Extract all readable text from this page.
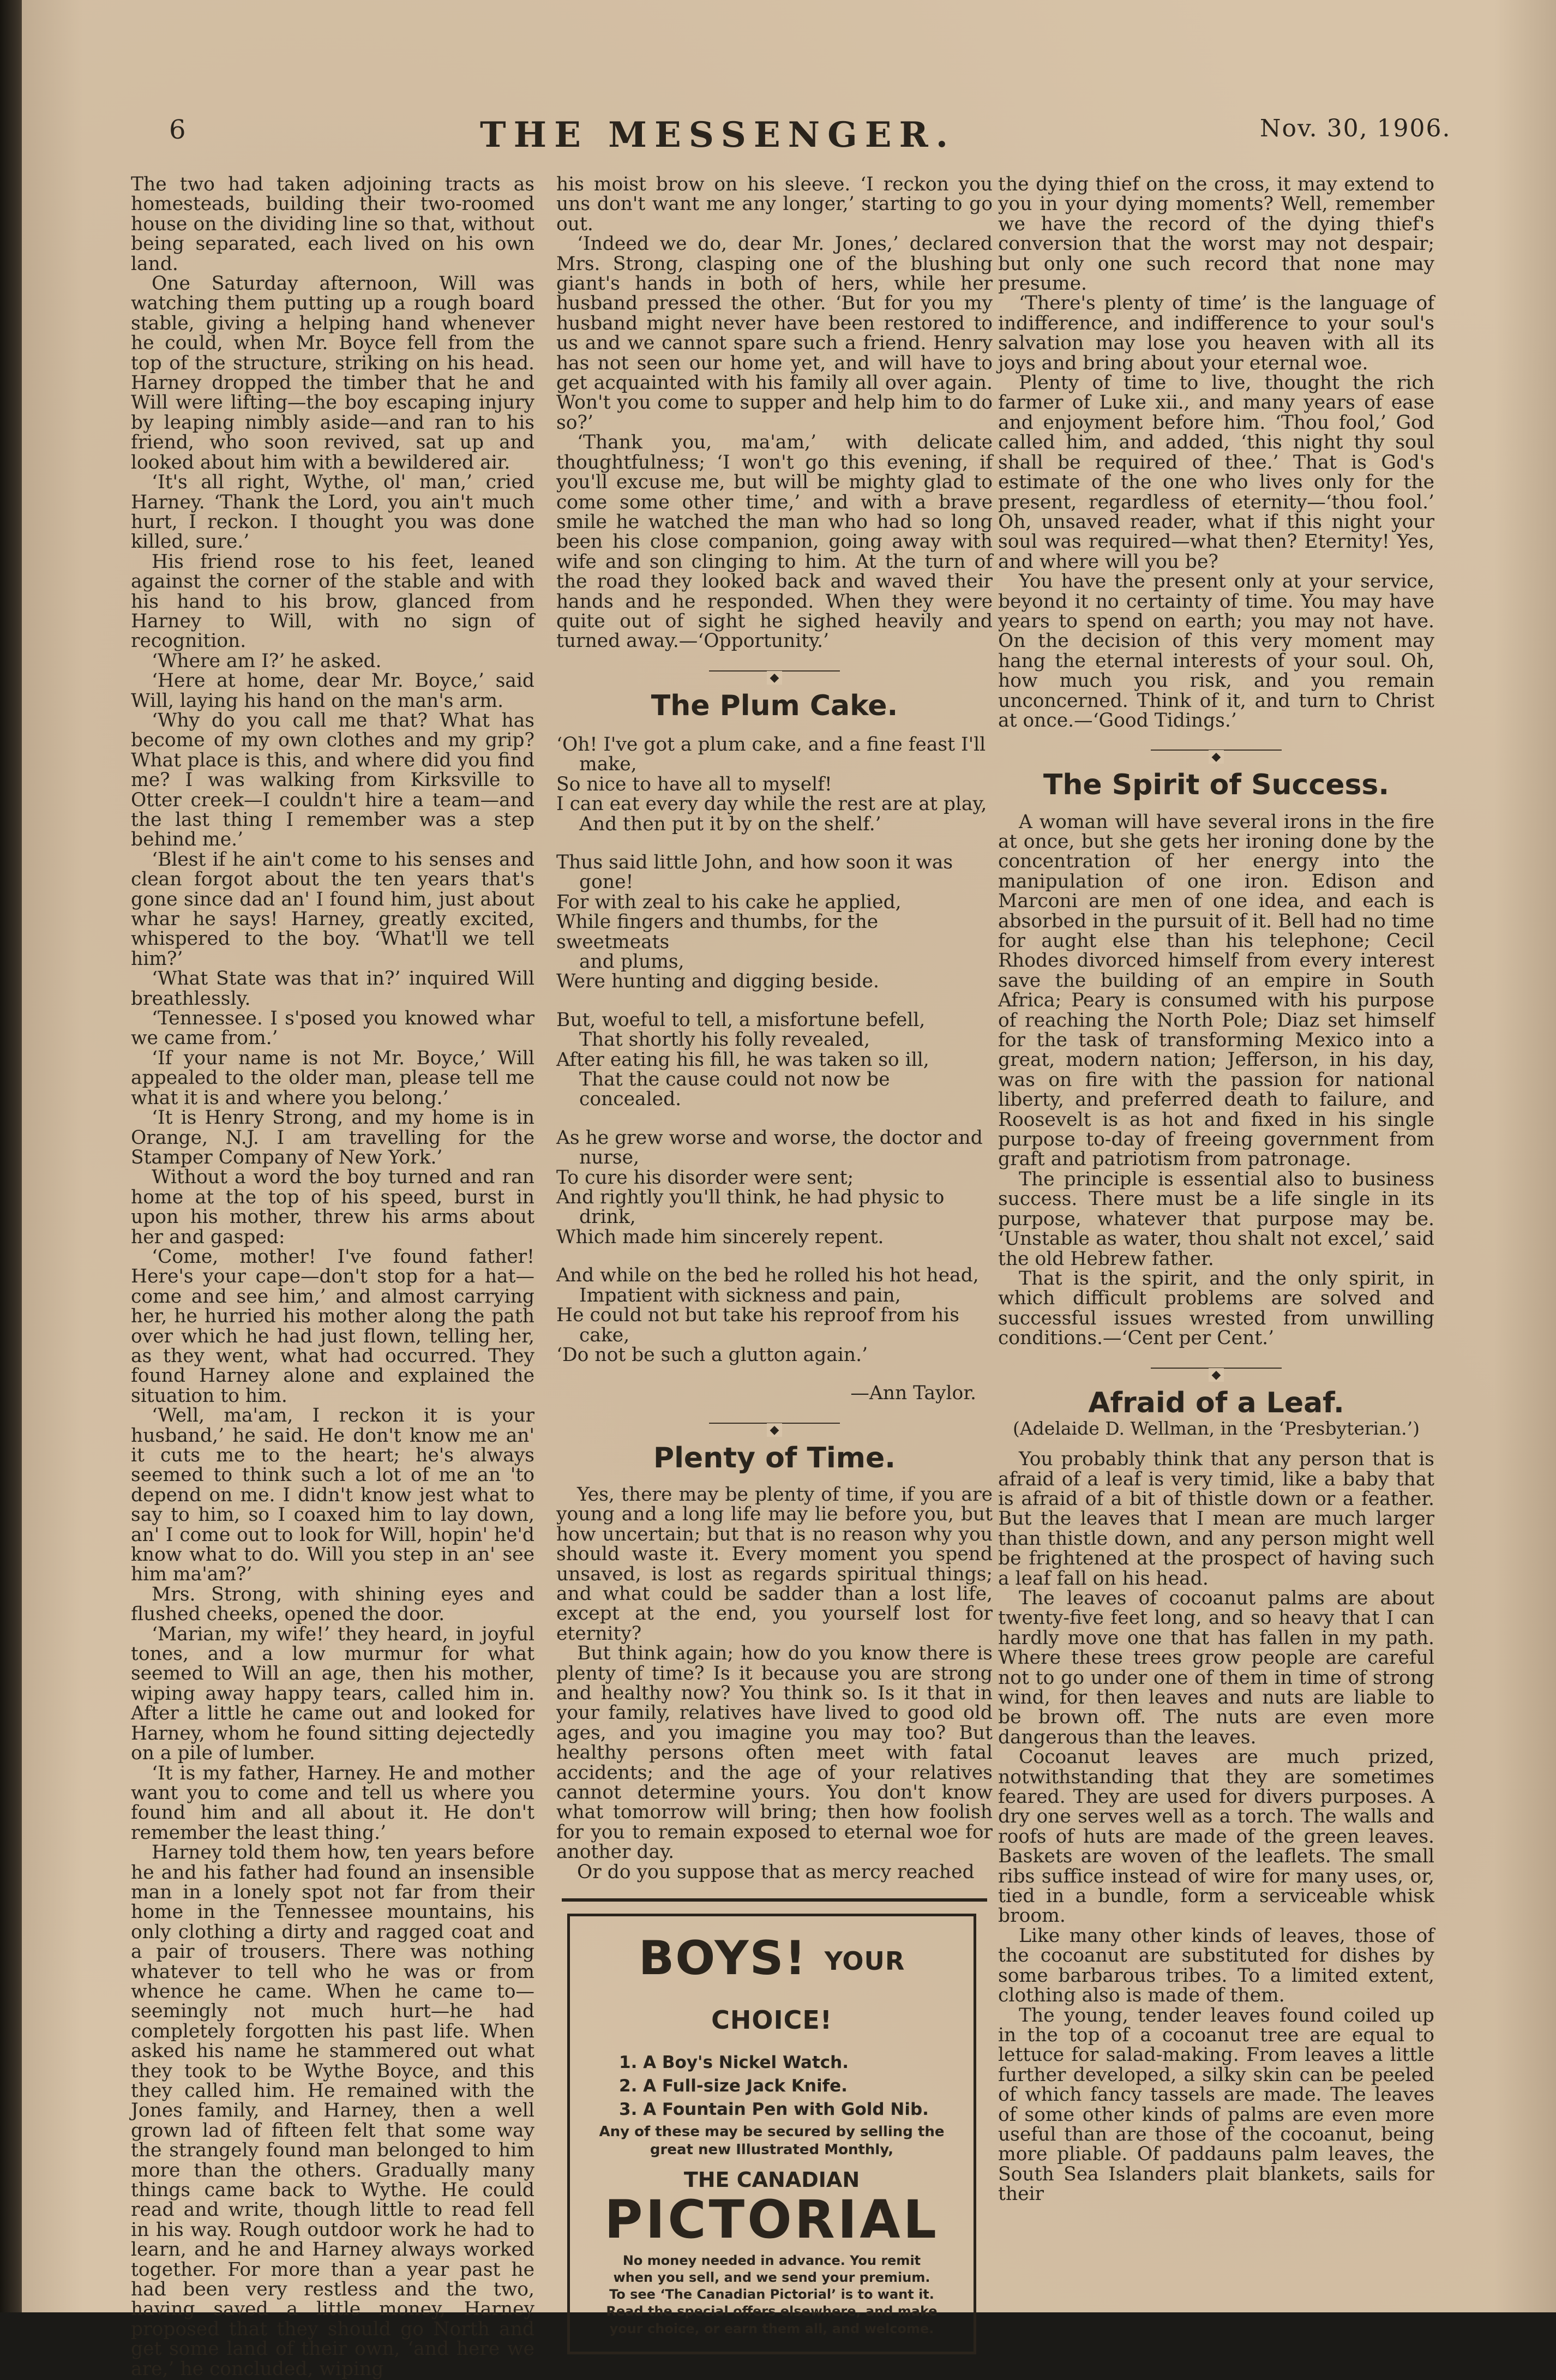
6	THE MESSENGER.	Nov. 30, 1906.

The two had taken adjoining tracts as homesteads, building their two-roomed house on the dividing line so that, without being separated, each lived on his own land.

One Saturday afternoon, Will was watching them putting up a rough board stable, giving a helping hand whenever he could, when Mr. Boyce fell from the top of the structure, striking on his head. Harney dropped the timber that he and Will were lifting—the boy escaping injury by leaping nimbly aside—and ran to his friend, who soon revived, sat up and looked about him with a bewildered air.

‘It's all right, Wythe, ol' man,’ cried Harney. ‘Thank the Lord, you ain't much hurt, I reckon. I thought you was done killed, sure.’

His friend rose to his feet, leaned against the corner of the stable and with his hand to his brow, glanced from Harney to Will, with no sign of recognition.

‘Where am I?’ he asked.

‘Here at home, dear Mr. Boyce,’ said Will, laying his hand on the man's arm.

‘Why do you call me that? What has become of my own clothes and my grip? What place is this, and where did you find me? I was walking from Kirksville to Otter creek—I couldn't hire a team—and the last thing I remember was a step behind me.’

‘Blest if he ain't come to his senses and clean forgot about the ten years that's gone since dad an' I found him, just about whar he says! Harney, greatly excited, whispered to the boy. ‘What'll we tell him?’

‘What State was that in?’ inquired Will breathlessly.

‘Tennessee. I s'posed you knowed whar we came from.’

‘If your name is not Mr. Boyce,’ Will appealed to the older man, please tell me what it is and where you belong.’

‘It is Henry Strong, and my home is in Orange, N.J. I am travelling for the Stamper Company of New York.’

Without a word the boy turned and ran home at the top of his speed, burst in upon his mother, threw his arms about her and gasped:

‘Come, mother! I've found father! Here's your cape—don't stop for a hat—come and see him,’ and almost carrying her, he hurried his mother along the path over which he had just flown, telling her, as they went, what had occurred. They found Harney alone and explained the situation to him.

‘Well, ma'am, I reckon it is your husband,’ he said. He don't know me an' it cuts me to the heart; he's always seemed to think such a lot of me an 'to depend on me. I didn't know jest what to say to him, so I coaxed him to lay down, an' I come out to look for Will, hopin' he'd know what to do. Will you step in an' see him ma'am?’

Mrs. Strong, with shining eyes and flushed cheeks, opened the door.

‘Marian, my wife!’ they heard, in joyful tones, and a low murmur for what seemed to Will an age, then his mother, wiping away happy tears, called him in. After a little he came out and looked for Harney, whom he found sitting dejectedly on a pile of lumber.

‘It is my father, Harney. He and mother want you to come and tell us where you found him and all about it. He don't remember the least thing.’

Harney told them how, ten years before he and his father had found an insensible man in a lonely spot not far from their home in the Tennessee mountains, his only clothing a dirty and ragged coat and a pair of trousers. There was nothing whatever to tell who he was or from whence he came. When he came to—seemingly not much hurt—he had completely forgotten his past life. When asked his name he stammered out what they took to be Wythe Boyce, and this they called him. He remained with the Jones family, and Harney, then a well grown lad of fifteen felt that some way the strangely found man belonged to him more than the others. Gradually many things came back to Wythe. He could read and write, though little to read fell in his way. Rough outdoor work he had to learn, and he and Harney always worked together. For more than a year past he had been very restless and the two, having saved a little money, Harney proposed that they should go North and get some land of their own, ‘and here we are,’ he concluded, wiping

his moist brow on his sleeve. ‘I reckon you uns don't want me any longer,’ starting to go out.

‘Indeed we do, dear Mr. Jones,’ declared Mrs. Strong, clasping one of the blushing giant's hands in both of hers, while her husband pressed the other. ‘But for you my husband might never have been restored to us and we cannot spare such a friend. Henry has not seen our home yet, and will have to get acquainted with his family all over again. Won't you come to supper and help him to do so?’

‘Thank you, ma'am,’ with delicate thoughtfulness; ‘I won't go this evening, if you'll excuse me, but will be mighty glad to come some other time,’ and with a brave smile he watched the man who had so long been his close companion, going away with wife and son clinging to him. At the turn of the road they looked back and waved their hands and he responded. When they were quite out of sight he sighed heavily and turned away.—‘Opportunity.’

◆
The Plum Cake.
‘Oh! I've got a plum cake, and a fine feast I'll
make,
So nice to have all to myself!
I can eat every day while the rest are at play,
And then put it by on the shelf.’
Thus said little John, and how soon it was
gone!
For with zeal to his cake he applied,
While fingers and thumbs, for the sweetmeats
and plums,
Were hunting and digging beside.
But, woeful to tell, a misfortune befell,
That shortly his folly revealed,
After eating his fill, he was taken so ill,
That the cause could not now be concealed.
As he grew worse and worse, the doctor and
nurse,
To cure his disorder were sent;
And rightly you'll think, he had physic to
drink,
Which made him sincerely repent.
And while on the bed he rolled his hot head,
Impatient with sickness and pain,
He could not but take his reproof from his
cake,
‘Do not be such a glutton again.’
—Ann Taylor.
◆
Plenty of Time.

Yes, there may be plenty of time, if you are young and a long life may lie before you, but how uncertain; but that is no reason why you should waste it. Every moment you spend unsaved, is lost as regards spiritual things; and what could be sadder than a lost life, except at the end, you yourself lost for eternity?

But think again; how do you know there is plenty of time? Is it because you are strong and healthy now? You think so. Is it that in your family, relatives have lived to good old ages, and you imagine you may too? But healthy persons often meet with fatal accidents; and the age of your relatives cannot determine yours. You don't know what tomorrow will bring; then how foolish for you to remain exposed to eternal woe for another day.

Or do you suppose that as mercy reached

BOYS! YOUR CHOICE!
1. A Boy's Nickel Watch.
2. A Full-size Jack Knife.
3. A Fountain Pen with Gold Nib.
Any of these may be secured by selling the
great new Illustrated Monthly,
THE CANADIAN
PICTORIAL
No money needed in advance. You remit
when you sell, and we send your premium.
To see ‘The Canadian Pictorial’ is to want it.
Read the special offers elsewhere, and make
your choice, or earn them all, and welcome.

the dying thief on the cross, it may extend to you in your dying moments? Well, remember we have the record of the dying thief's conversion that the worst may not despair; but only one such record that none may presume.

‘There's plenty of time’ is the language of indifference, and indifference to your soul's salvation may lose you heaven with all its joys and bring about your eternal woe.

Plenty of time to live, thought the rich farmer of Luke xii., and many years of ease and enjoyment before him. ‘Thou fool,’ God called him, and added, ‘this night thy soul shall be required of thee.’ That is God's estimate of the one who lives only for the present, regardless of eternity—‘thou fool.’ Oh, unsaved reader, what if this night your soul was required—what then? Eternity! Yes, and where will you be?

You have the present only at your service, beyond it no certainty of time. You may have years to spend on earth; you may not have. On the decision of this very moment may hang the eternal interests of your soul. Oh, how much you risk, and you remain unconcerned. Think of it, and turn to Christ at once.—‘Good Tidings.’

◆
The Spirit of Success.

A woman will have several irons in the fire at once, but she gets her ironing done by the concentration of her energy into the manipulation of one iron. Edison and Marconi are men of one idea, and each is absorbed in the pursuit of it. Bell had no time for aught else than his telephone; Cecil Rhodes divorced himself from every interest save the building of an empire in South Africa; Peary is consumed with his purpose of reaching the North Pole; Diaz set himself for the task of transforming Mexico into a great, modern nation; Jefferson, in his day, was on fire with the passion for national liberty, and preferred death to failure, and Roosevelt is as hot and fixed in his single purpose to-day of freeing government from graft and patriotism from patronage.

The principle is essential also to business success. There must be a life single in its purpose, whatever that purpose may be. ‘Unstable as water, thou shalt not excel,’ said the old Hebrew father.

That is the spirit, and the only spirit, in which difficult problems are solved and successful issues wrested from unwilling conditions.—‘Cent per Cent.’

◆
Afraid of a Leaf.
(Adelaide D. Wellman, in the ‘Presbyterian.’)

You probably think that any person that is afraid of a leaf is very timid, like a baby that is afraid of a bit of thistle down or a feather. But the leaves that I mean are much larger than thistle down, and any person might well be frightened at the prospect of having such a leaf fall on his head.

The leaves of cocoanut palms are about twenty-five feet long, and so heavy that I can hardly move one that has fallen in my path. Where these trees grow people are careful not to go under one of them in time of strong wind, for then leaves and nuts are liable to be brown off. The nuts are even more dangerous than the leaves.

Cocoanut leaves are much prized, notwithstanding that they are sometimes feared. They are used for divers purposes. A dry one serves well as a torch. The walls and roofs of huts are made of the green leaves. Baskets are woven of the leaflets. The small ribs suffice instead of wire for many uses, or, tied in a bundle, form a serviceable whisk broom.

Like many other kinds of leaves, those of the cocoanut are substituted for dishes by some barbarous tribes. To a limited extent, clothing also is made of them.

The young, tender leaves found coiled up in the top of a cocoanut tree are equal to lettuce for salad-making. From leaves a little further developed, a silky skin can be peeled of which fancy tassels are made. The leaves of some other kinds of palms are even more useful than are those of the cocoanut, being more pliable. Of paddauns palm leaves, the South Sea Islanders plait blankets, sails for their
